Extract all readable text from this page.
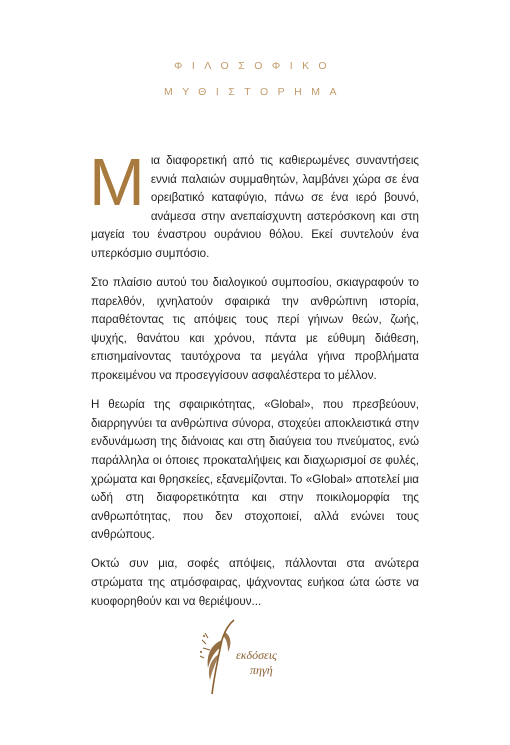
ΦΙΛΟΣΟΦΙΚΟ
ΜΥΘΙΣΤΟΡΗΜΑ

Μια διαφορετική από τις καθιερωμένες συναντήσεις εννιά παλαιών συμμαθητών, λαμβάνει χώρα σε ένα ορειβατικό καταφύγιο, πάνω σε ένα ιερό βουνό, ανάμεσα στην ανεπαίσχυντη αστερόσκονη και στη μαγεία του έναστρου ουράνιου θόλου. Εκεί συντελούν ένα υπερκόσμιο συμπόσιο.

Στο πλαίσιο αυτού του διαλογικού συμποσίου, σκιαγραφούν το παρελθόν, ιχνηλατούν σφαιρικά την ανθρώπινη ιστορία, παραθέτοντας τις απόψεις τους περί γήινων θεών, ζωής, ψυχής, θανάτου και χρόνου, πάντα με εύθυμη διάθεση, επισημαίνοντας ταυτόχρονα τα μεγάλα γήινα προβλήματα προκειμένου να προσεγγίσουν ασφαλέστερα το μέλλον.

Η θεωρία της σφαιρικότητας, «Global», που πρεσβεύουν, διαρρηγνύει τα ανθρώπινα σύνορα, στοχεύει αποκλειστικά στην ενδυνάμωση της διάνοιας και στη διαύγεια του πνεύματος, ενώ παράλληλα οι όποιες προκαταλήψεις και διαχωρισμοί σε φυλές, χρώματα και θρησκείες, εξανεμίζονται. Το «Global» αποτελεί μια ωδή στη διαφορετικότητα και στην ποικιλομορφία της ανθρωπότητας, που δεν στοχοποιεί, αλλά ενώνει τους ανθρώπους.

Οκτώ συν μια, σοφές απόψεις, πάλλονται στα ανώτερα στρώματα της ατμόσφαιρας, ψάχνοντας ευήκοα ώτα ώστε να κυοφορηθούν και να θεριέψουν...

εκδόσεις
πηγή
